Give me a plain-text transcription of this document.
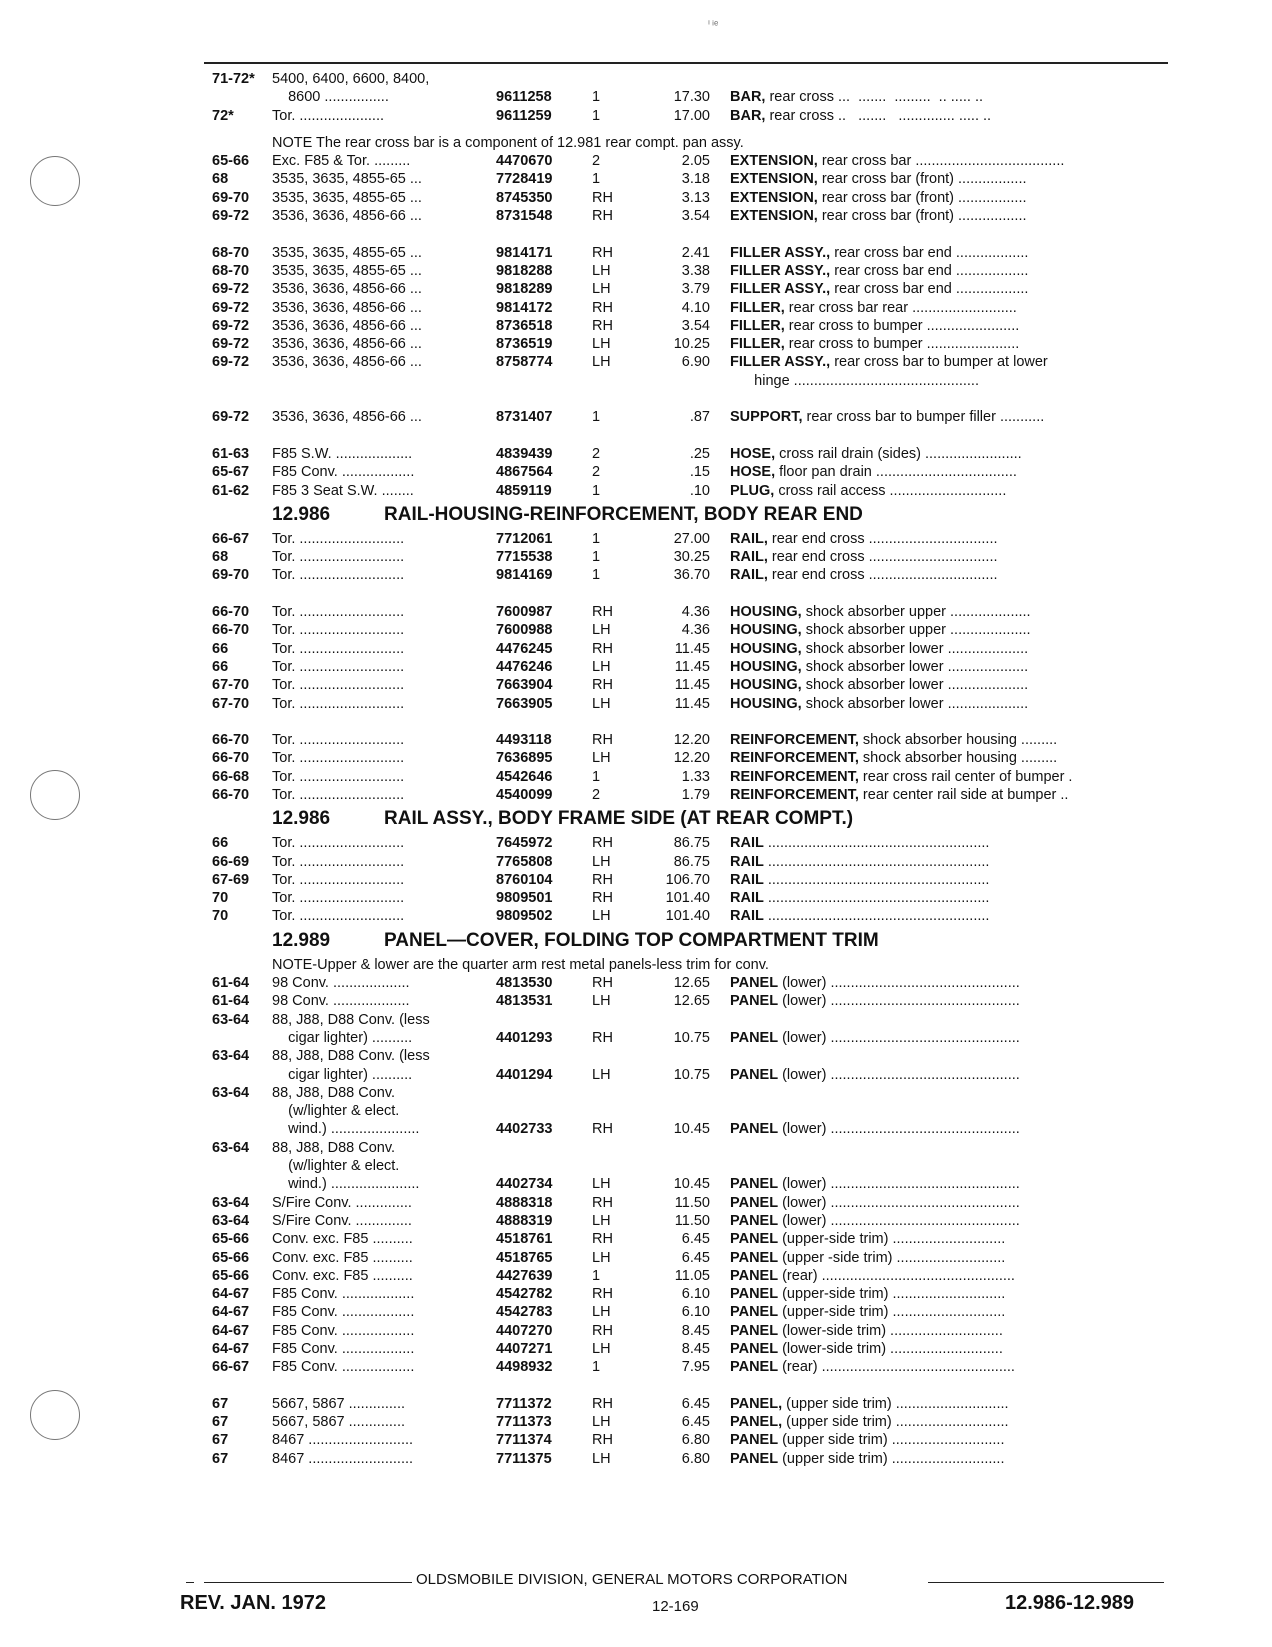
ⁱ ͥ ͤ
71-72* 5400, 6400, 6600, 8400,
8600 ................	9611258	1	17.30 BAR, rear cross ...  .......  .........  .. ..... ..
72*	Tor. .....................	9611259	1	17.00 BAR, rear cross ..   .......   .............. ..... ..
NOTE The rear cross bar is a component of 12.981 rear compt. pan assy.
65-66 Exc. F85 & Tor. .........	4470670	2	2.05 EXTENSION, rear cross bar .....................................
68	3535, 3635, 4855-65 ...	7728419	1	3.18 EXTENSION, rear cross bar (front) .................
69-70 3535, 3635, 4855-65 ...	8745350	RH	3.13 EXTENSION, rear cross bar (front) .................
69-72 3536, 3636, 4856-66 ...	8731548	RH	3.54 EXTENSION, rear cross bar (front) .................
68-70 3535, 3635, 4855-65 ...	9814171	RH	2.41 FILLER ASSY., rear cross bar end ..................
68-70 3535, 3635, 4855-65 ...	9818288	LH	3.38 FILLER ASSY., rear cross bar end ..................
69-72 3536, 3636, 4856-66 ...	9818289	LH	3.79 FILLER ASSY., rear cross bar end ..................
69-72 3536, 3636, 4856-66 ...	9814172	RH	4.10 FILLER, rear cross bar rear ..........................
69-72 3536, 3636, 4856-66 ...	8736518	RH	3.54 FILLER, rear cross to bumper .......................
69-72 3536, 3636, 4856-66 ...	8736519	LH	10.25 FILLER, rear cross to bumper .......................
69-72 3536, 3636, 4856-66 ...	8758774	LH	6.90 FILLER ASSY., rear cross bar to bumper at lower
hinge ..............................................
69-72 3536, 3636, 4856-66 ...	8731407	1	.87 SUPPORT, rear cross bar to bumper filler ...........
61-63 F85 S.W. ...................	4839439	2	.25 HOSE, cross rail drain (sides) ........................
65-67 F85 Conv. ..................	4867564	2	.15 HOSE, floor pan drain ...................................
61-62 F85 3 Seat S.W. ........	4859119	1	.10 PLUG, cross rail access .............................
12.986	RAIL-HOUSING-REINFORCEMENT, BODY REAR END
66-67 Tor. ..........................	7712061	1	27.00 RAIL, rear end cross ................................
68	Tor. ..........................	7715538	1	30.25 RAIL, rear end cross ................................
69-70 Tor. ..........................	9814169	1	36.70 RAIL, rear end cross ................................
66-70 Tor. ..........................	7600987	RH	4.36 HOUSING, shock absorber upper ....................
66-70 Tor. ..........................	7600988	LH	4.36 HOUSING, shock absorber upper ....................
66	Tor. ..........................	4476245	RH	11.45 HOUSING, shock absorber lower ....................
66	Tor. ..........................	4476246	LH	11.45 HOUSING, shock absorber lower ....................
67-70 Tor. ..........................	7663904	RH	11.45 HOUSING, shock absorber lower ....................
67-70 Tor. ..........................	7663905	LH	11.45 HOUSING, shock absorber lower ....................
66-70 Tor. ..........................	4493118	RH	12.20 REINFORCEMENT, shock absorber housing .........
66-70 Tor. ..........................	7636895	LH	12.20 REINFORCEMENT, shock absorber housing .........
66-68 Tor. ..........................	4542646	1	1.33 REINFORCEMENT, rear cross rail center of bumper .
66-70 Tor. ..........................	4540099	2	1.79 REINFORCEMENT, rear center rail side at bumper ..
12.986	RAIL ASSY., BODY FRAME SIDE (AT REAR COMPT.)
66	Tor. ..........................	7645972	RH	86.75 RAIL .......................................................
66-69 Tor. ..........................	7765808	LH	86.75 RAIL .......................................................
67-69 Tor. ..........................	8760104	RH	106.70 RAIL .......................................................
70	Tor. ..........................	9809501	RH	101.40 RAIL .......................................................
70	Tor. ..........................	9809502	LH	101.40 RAIL .......................................................
12.989	PANEL—COVER, FOLDING TOP COMPARTMENT TRIM
NOTE-Upper & lower are the quarter arm rest metal panels-less trim for conv.
61-64 98 Conv. ...................	4813530	RH	12.65 PANEL (lower) ...............................................
61-64 98 Conv. ...................	4813531	LH	12.65 PANEL (lower) ...............................................
63-64 88, J88, D88 Conv. (less
cigar lighter) ..........	4401293	RH	10.75 PANEL (lower) ...............................................
63-64 88, J88, D88 Conv. (less
cigar lighter) ..........	4401294	LH	10.75 PANEL (lower) ...............................................
63-64 88, J88, D88 Conv.
(w/lighter & elect.
wind.) ......................	4402733	RH	10.45 PANEL (lower) ...............................................
63-64 88, J88, D88 Conv.
(w/lighter & elect.
wind.) ......................	4402734	LH	10.45 PANEL (lower) ...............................................
63-64 S/Fire Conv. ..............	4888318	RH	11.50 PANEL (lower) ...............................................
63-64 S/Fire Conv. ..............	4888319	LH	11.50 PANEL (lower) ...............................................
65-66 Conv. exc. F85 ..........	4518761	RH	6.45 PANEL (upper-side trim) ............................
65-66 Conv. exc. F85 ..........	4518765	LH	6.45 PANEL (upper -side trim) ...........................
65-66 Conv. exc. F85 ..........	4427639	1	11.05 PANEL (rear) ................................................
64-67 F85 Conv. ..................	4542782	RH	6.10 PANEL (upper-side trim) ............................
64-67 F85 Conv. ..................	4542783	LH	6.10 PANEL (upper-side trim) ............................
64-67 F85 Conv. ..................	4407270	RH	8.45 PANEL (lower-side trim) ............................
64-67 F85 Conv. ..................	4407271	LH	8.45 PANEL (lower-side trim) ............................
66-67 F85 Conv. ..................	4498932	1	7.95 PANEL (rear) ................................................
67	5667, 5867 ..............	7711372	RH	6.45 PANEL, (upper side trim) ............................
67	5667, 5867 ..............	7711373	LH	6.45 PANEL, (upper side trim) ............................
67	8467 ..........................	7711374	RH	6.80 PANEL (upper side trim) ............................
67	8467 ..........................	7711375	LH	6.80 PANEL (upper side trim) ............................
OLDSMOBILE DIVISION, GENERAL MOTORS CORPORATION
REV. JAN. 1972	12-169	12.986-12.989
